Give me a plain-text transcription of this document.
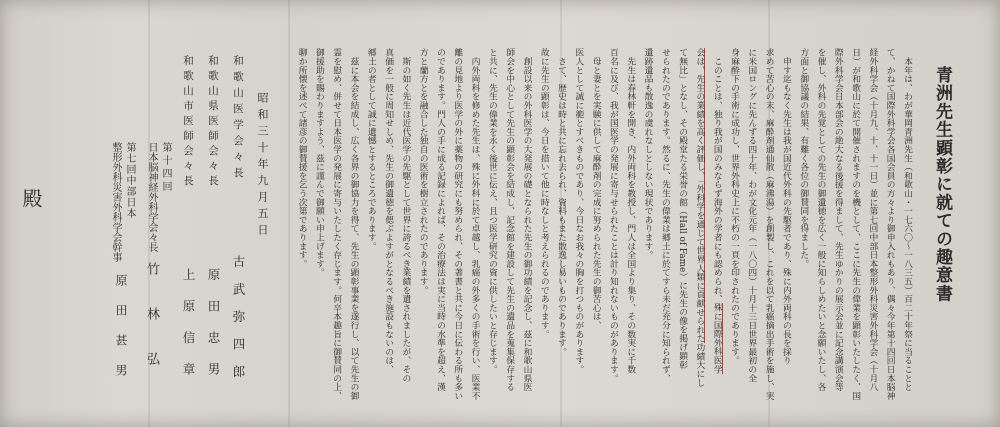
青洲先生顕彰に就ての趣意書
　本年は、わが華岡青洲先生（和歌山・一七六〇〜一八三五）百二十年祭に当ることと
て、かねて国際外科学会各国会員の方々より御申入れもあり、偶々今年第十四回日本脳神
経外科学会（十月九、十、十一日）並に第七回中部日本整形外科災害外科学会（十月八
日）が和歌山に於て開催されますのを機として、ここに先生の偉業を顕彰いたしたく、国
際外科学会日本部会の絶大なる後援を得まして、先生ゆかりの展示会並に記念講演会等
を催し、外科の先覚としての先生の御遺徳を広く一般に知らしめたいと念願いたし、各
方面と御協議の結果、有難く各位の御賛同を得ました。
　申す迄もなく先生は我が国近代外科の先駆者であり、殊に内外両科の長を採り
求めて苦心の末、麻酔剤通仙散（麻沸湯）を創製し、これを以て乳癌摘出手術を施し、実
に米国ロングに先んずる四十年、わが文化元年（一八〇四）十月十三日世界最初の全
身麻酔下の手術に成功し、世界外科史上に不朽の一頁を印されたのであります。
　このことは、独り我が国のみならず海外の学者にも認められ、殊に国際外科医学
会は、先生の業績を高く評価し、「外科学を通じて世界人類に貢献せられた功績大にし
て無比」となし、その殿堂たる栄誉の館（Hall of Fame）に先生の像を掲げ顕彰
せられたのであります。然るに、先生の偉業は郷土に於てすら未だ充分に知られず、
遺跡遺品も散逸の虞れなしとしない現状であります。
　先生は春林軒を開き、内外両科を教授し、門人は全国より集り、その数実に千数
百名に及び、我が国医学の発展に寄与せられたことは計り知れないものがあります。
　母と妻とを実験に供して麻酔剤の完成に努められた先生の御苦心は、
医人として誠に範とすべきものであり、今日なお我々の胸を打つものがあります。
　さて、歴史は時と共に忘れ去られ、資料もまた散逸し易いものであります。
故に先生の顕彰は、今日を措いて他に時なしと考えられるのであります。
　創設以来の外科医学の大発展の礎となられた先生の御功績を記念し、茲に和歌山県医
師会を中心として先生の顕彰会を結成し、記念館を建設して先生の遺品を蒐集保存する
と共に、先生の偉業を永く後世に伝え、且つ医学研究の資に供したいと存じます。
　内外両科を修めた先生は、殊に外科に於て卓越し、乳癌の外多くの手術を行い、医業不
離の見地より医学の外に薬物の研究にも努められ、その著書と共に今日に伝わる所も多い
のであります。門人の手に成る記録によれば、その治療法は実に当時の水準を超え、漢
方と蘭方とを融合した独自の医術を樹立されたのであります。
　斯の如く先生は近代医学の先駆として世界に誇るべき業績を遺されましたが、その
真価を一般に周知せしめ、先生の御遺徳を偲ぶよすがとなるべき施設もないのは、
郷土の者として誠に遺憾とするところであります。
　茲に本会を結成し、広く各界の御協力を得て、先生の顕彰事業を遂行し、以て先生の御
霊を慰め、併せて日本医学の発展に寄与いたしたく存じます。何卒本趣旨に御賛同の上、
御援助を賜わりますよう、茲に謹んで御願い申上げます。
聊か所懐を述べて諸彦の御賛援を乞う次第であります。
昭和三十年九月五日
和歌山医学会々長
古武弥四郎
和歌山県医師会々長
原田忠男
和歌山市医師会々長
上原信章
第十四回
日本脳神経外科学会々長
竹林弘
第七回中部日本
整形外科災害外科学会幹事
原田甚男
殿
